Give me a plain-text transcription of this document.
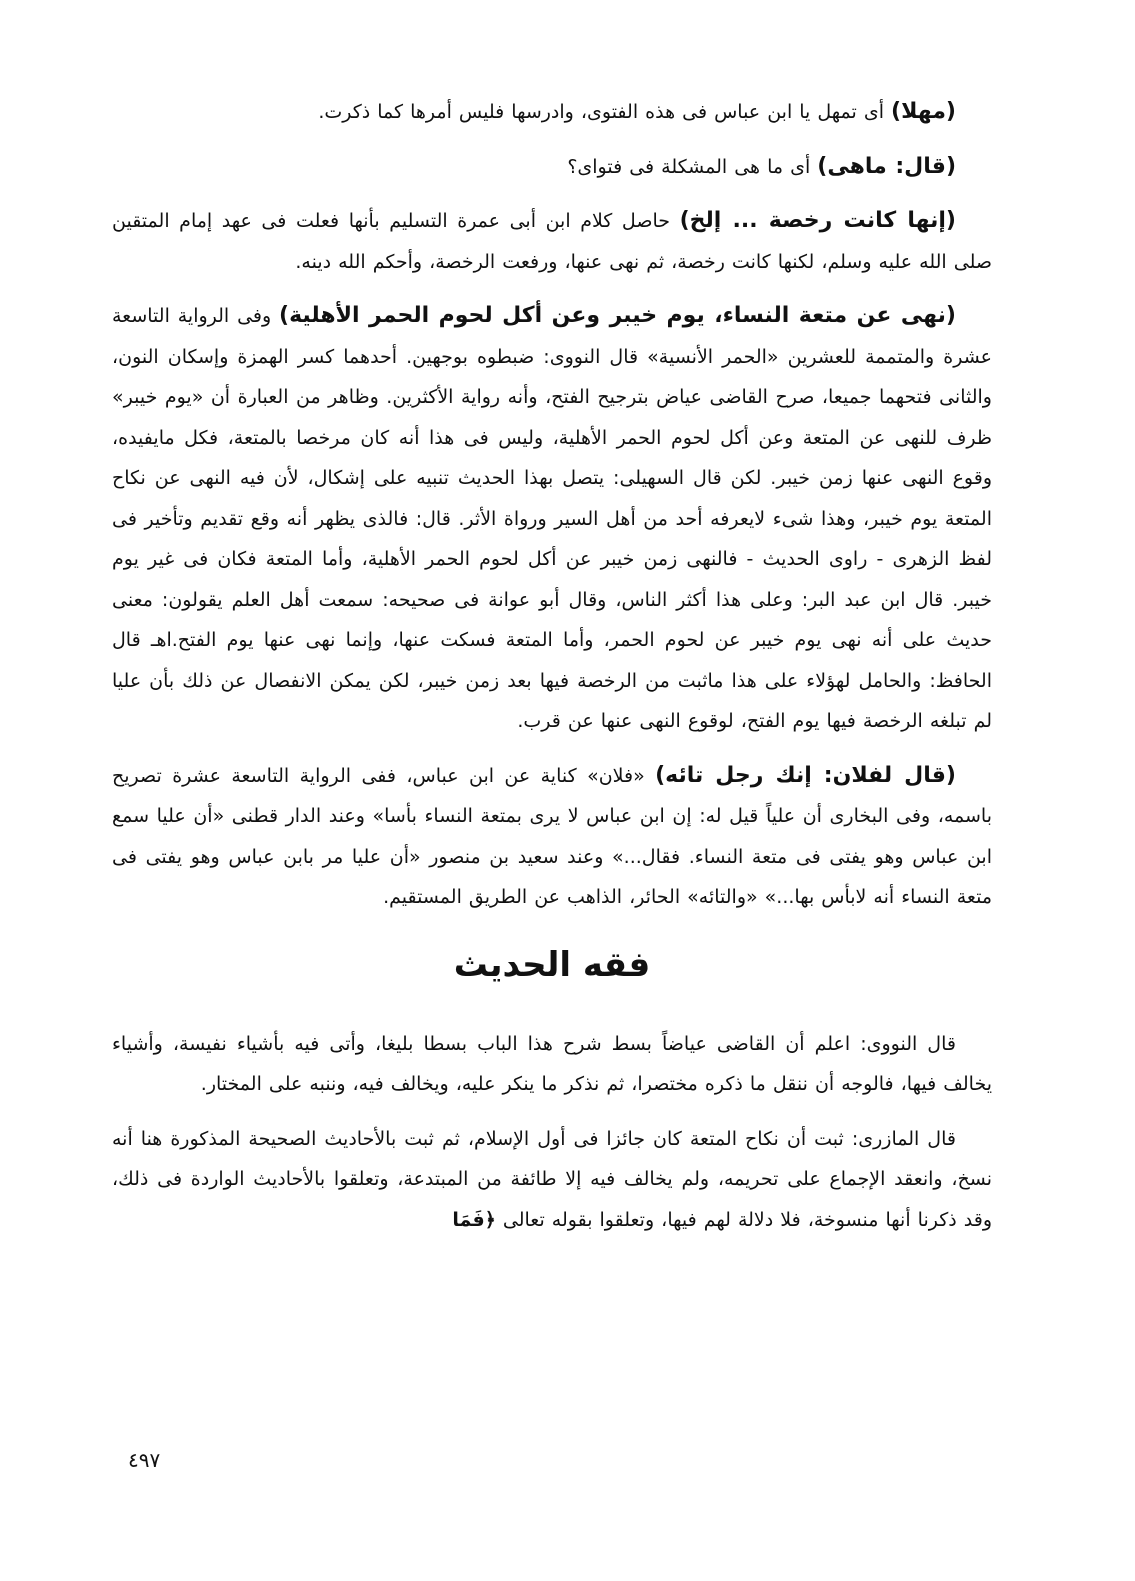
(مهلا) أى تمهل يا ابن عباس فى هذه الفتوى، وادرسها فليس أمرها كما ذكرت.

(قال: ماهى) أى ما هى المشكلة فى فتواى؟

(إنها كانت رخصة ... إلخ) حاصل كلام ابن أبى عمرة التسليم بأنها فعلت فى عهد إمام المتقين صلى الله عليه وسلم، لكنها كانت رخصة، ثم نهى عنها، ورفعت الرخصة، وأحكم الله دينه.

(نهى عن متعة النساء، يوم خيبر وعن أكل لحوم الحمر الأهلية) وفى الرواية التاسعة عشرة والمتممة للعشرين «الحمر الأنسية» قال النووى: ضبطوه بوجهين. أحدهما كسر الهمزة وإسكان النون، والثانى فتحهما جميعا، صرح القاضى عياض بترجيح الفتح، وأنه رواية الأكثرين. وظاهر من العبارة أن «يوم خيبر» ظرف للنهى عن المتعة وعن أكل لحوم الحمر الأهلية، وليس فى هذا أنه كان مرخصا بالمتعة، فكل مايفيده، وقوع النهى عنها زمن خيبر. لكن قال السهيلى: يتصل بهذا الحديث تنبيه على إشكال، لأن فيه النهى عن نكاح المتعة يوم خيبر، وهذا شىء لايعرفه أحد من أهل السير ورواة الأثر. قال: فالذى يظهر أنه وقع تقديم وتأخير فى لفظ الزهرى - راوى الحديث - فالنهى زمن خيبر عن أكل لحوم الحمر الأهلية، وأما المتعة فكان فى غير يوم خيبر. قال ابن عبد البر: وعلى هذا أكثر الناس، وقال أبو عوانة فى صحيحه: سمعت أهل العلم يقولون: معنى حديث على أنه نهى يوم خيبر عن لحوم الحمر، وأما المتعة فسكت عنها، وإنما نهى عنها يوم الفتح.اهـ قال الحافظ: والحامل لهؤلاء على هذا ماثبت من الرخصة فيها بعد زمن خيبر، لكن يمكن الانفصال عن ذلك بأن عليا لم تبلغه الرخصة فيها يوم الفتح، لوقوع النهى عنها عن قرب.

(قال لفلان: إنك رجل تائه) «فلان» كناية عن ابن عباس، ففى الرواية التاسعة عشرة تصريح باسمه، وفى البخارى أن علياً قيل له: إن ابن عباس لا يرى بمتعة النساء بأسا» وعند الدار قطنى «أن عليا سمع ابن عباس وهو يفتى فى متعة النساء. فقال...» وعند سعيد بن منصور «أن عليا مر بابن عباس وهو يفتى فى متعة النساء أنه لابأس بها...» «والتائه» الحائر، الذاهب عن الطريق المستقيم.

فقه الحديث

قال النووى: اعلم أن القاضى عياضاً بسط شرح هذا الباب بسطا بليغا، وأتى فيه بأشياء نفيسة، وأشياء يخالف فيها، فالوجه أن ننقل ما ذكره مختصرا، ثم نذكر ما ينكر عليه، ويخالف فيه، وننبه على المختار.

قال المازرى: ثبت أن نكاح المتعة كان جائزا فى أول الإسلام، ثم ثبت بالأحاديث الصحيحة المذكورة هنا أنه نسخ، وانعقد الإجماع على تحريمه، ولم يخالف فيه إلا طائفة من المبتدعة، وتعلقوا بالأحاديث الواردة فى ذلك، وقد ذكرنا أنها منسوخة، فلا دلالة لهم فيها، وتعلقوا بقوله تعالى ﴿فَمَا

٤٩٧
